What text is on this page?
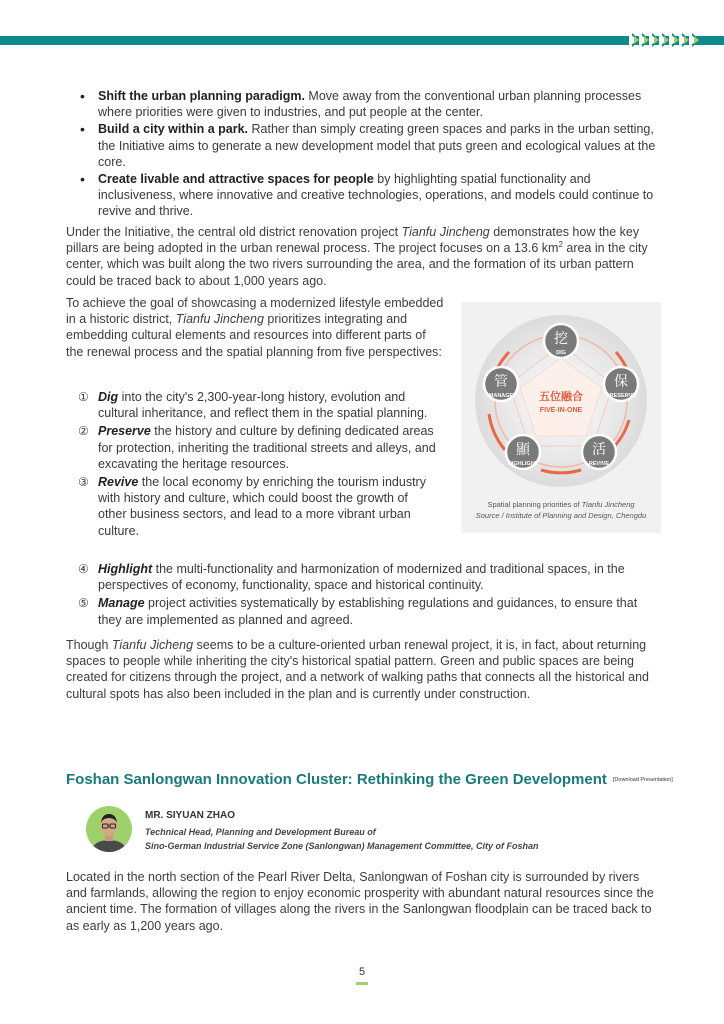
• Shift the urban planning paradigm. Move away from the conventional urban planning processes where priorities were given to industries, and put people at the center.
• Build a city within a park. Rather than simply creating green spaces and parks in the urban setting, the Initiative aims to generate a new development model that puts green and ecological values at the core.
• Create livable and attractive spaces for people by highlighting spatial functionality and inclusiveness, where innovative and creative technologies, operations, and models could continue to revive and thrive.

Under the Initiative, the central old district renovation project Tianfu Jincheng demonstrates how the key pillars are being adopted in the urban renewal process. The project focuses on a 13.6 $km^2$ area in the city center, which was built along the two rivers surrounding the area, and the formation of its urban pattern could be traced back to about 1,000 years ago.

To achieve the goal of showcasing a modernized lifestyle embedded in a historic district, Tianfu Jincheng prioritizes integrating and embedding cultural elements and resources into different parts of the renewal process and the spatial planning from five perspectives:

① Dig into the city's 2,300-year-long history, evolution and cultural inheritance, and reflect them in the spatial planning.
② Preserve the history and culture by defining dedicated areas for protection, inheriting the traditional streets and alleys, and excavating the heritage resources.
③ Revive the local economy by enriching the tourism industry with history and culture, which could boost the growth of other business sectors, and lead to a more vibrant urban culture.
④ Highlight the multi-functionality and harmonization of modernized and traditional spaces, in the perspectives of economy, functionality, space and historical continuity.
⑤ Manage project activities systematically by establishing regulations and guidances, to ensure that they are implemented as planned and agreed.
五位融合
FIVE-IN-ONE
挖
DIG
保
PRESERVE
活
REVIVE
顯
HIGHLIGHT
管
MANAGE
Spatial planning priorities of Tianfu Jincheng
Source / Institute of Planning and Design, Chengdu

Though Tianfu Jicheng seems to be a culture-oriented urban renewal project, it is, in fact, about returning spaces to people while inheriting the city's historical spatial pattern. Green and public spaces are being created for citizens through the project, and a network of walking paths that connects all the historical and cultural spots has also been included in the plan and is currently under construction.

Foshan Sanlongwan Innovation Cluster: Rethinking the Green Development [Download Presentation]
MR. SIYUAN ZHAO
Technical Head, Planning and Development Bureau of
Sino-German Industrial Service Zone (Sanlongwan) Management Committee, City of Foshan

Located in the north section of the Pearl River Delta, Sanlongwan of Foshan city is surrounded by rivers and farmlands, allowing the region to enjoy economic prosperity with abundant natural resources since the ancient time. The formation of villages along the rivers in the Sanlongwan floodplain can be traced back to as early as 1,200 years ago.

5
